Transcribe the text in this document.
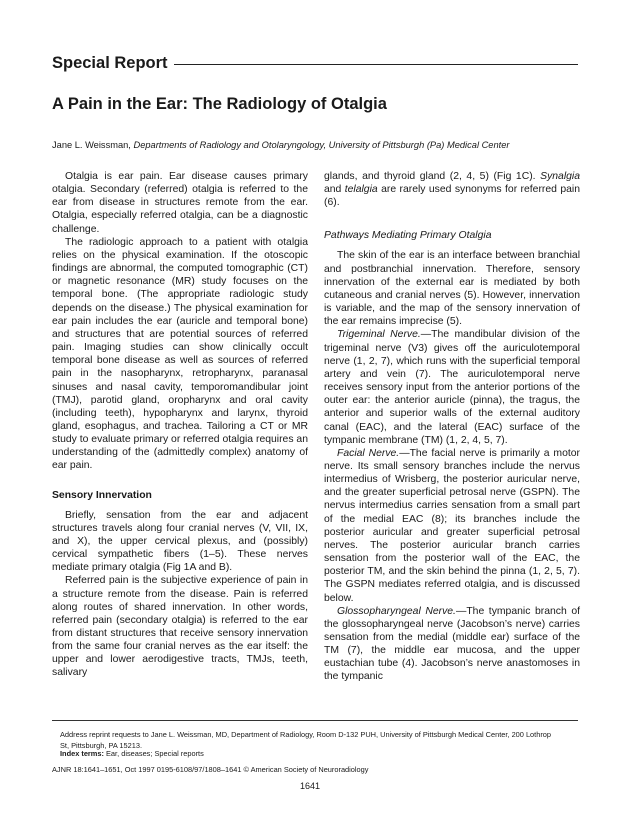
Special Report
A Pain in the Ear: The Radiology of Otalgia
Jane L. Weissman, Departments of Radiology and Otolaryngology, University of Pittsburgh (Pa) Medical Center

Otalgia is ear pain. Ear disease causes primary otalgia. Secondary (referred) otalgia is referred to the ear from disease in structures remote from the ear. Otalgia, especially referred otalgia, can be a diagnostic challenge.

The radiologic approach to a patient with otalgia relies on the physical examination. If the otoscopic findings are abnormal, the computed tomographic (CT) or magnetic resonance (MR) study focuses on the temporal bone. (The appropriate radiologic study depends on the disease.) The physical examination for ear pain includes the ear (auricle and temporal bone) and structures that are potential sources of referred pain. Imaging studies can show clinically occult temporal bone disease as well as sources of referred pain in the nasopharynx, retropharynx, paranasal sinuses and nasal cavity, temporomandibular joint (TMJ), parotid gland, oropharynx and oral cavity (including teeth), hypopharynx and larynx, thyroid gland, esophagus, and trachea. Tailoring a CT or MR study to evaluate primary or referred otalgia requires an understanding of the (admittedly complex) anatomy of ear pain.

Sensory Innervation

Briefly, sensation from the ear and adjacent structures travels along four cranial nerves (V, VII, IX, and X), the upper cervical plexus, and (possibly) cervical sympathetic fibers (1–5). These nerves mediate primary otalgia (Fig 1A and B).

Referred pain is the subjective experience of pain in a structure remote from the disease. Pain is referred along routes of shared innervation. In other words, referred pain (secondary otalgia) is referred to the ear from distant structures that receive sensory innervation from the same four cranial nerves as the ear itself: the upper and lower aerodigestive tracts, TMJs, teeth, salivary

glands, and thyroid gland (2, 4, 5) (Fig 1C). Synalgia and telalgia are rarely used synonyms for referred pain (6).

Pathways Mediating Primary Otalgia

The skin of the ear is an interface between branchial and postbranchial innervation. Therefore, sensory innervation of the external ear is mediated by both cutaneous and cranial nerves (5). However, innervation is variable, and the map of the sensory innervation of the ear remains imprecise (5).

Trigeminal Nerve.—The mandibular division of the trigeminal nerve (V3) gives off the auriculotemporal nerve (1, 2, 7), which runs with the superficial temporal artery and vein (7). The auriculotemporal nerve receives sensory input from the anterior portions of the outer ear: the anterior auricle (pinna), the tragus, the anterior and superior walls of the external auditory canal (EAC), and the lateral (EAC) surface of the tympanic membrane (TM) (1, 2, 4, 5, 7).

Facial Nerve.—The facial nerve is primarily a motor nerve. Its small sensory branches include the nervus intermedius of Wrisberg, the posterior auricular nerve, and the greater superficial petrosal nerve (GSPN). The nervus intermedius carries sensation from a small part of the medial EAC (8); its branches include the posterior auricular and greater superficial petrosal nerves. The posterior auricular branch carries sensation from the posterior wall of the EAC, the posterior TM, and the skin behind the pinna (1, 2, 5, 7). The GSPN mediates referred otalgia, and is discussed below.

Glossopharyngeal Nerve.—The tympanic branch of the glossopharyngeal nerve (Jacobson’s nerve) carries sensation from the medial (middle ear) surface of the TM (7), the middle ear mucosa, and the upper eustachian tube (4). Jacobson’s nerve anastomoses in the tympanic

Address reprint requests to Jane L. Weissman, MD, Department of Radiology, Room D-132 PUH, University of Pittsburgh Medical Center, 200 Lothrop
St, Pittsburgh, PA 15213.
Index terms: Ear, diseases; Special reports
AJNR 18:1641–1651, Oct 1997 0195-6108/97/1808–1641 © American Society of Neuroradiology
1641
